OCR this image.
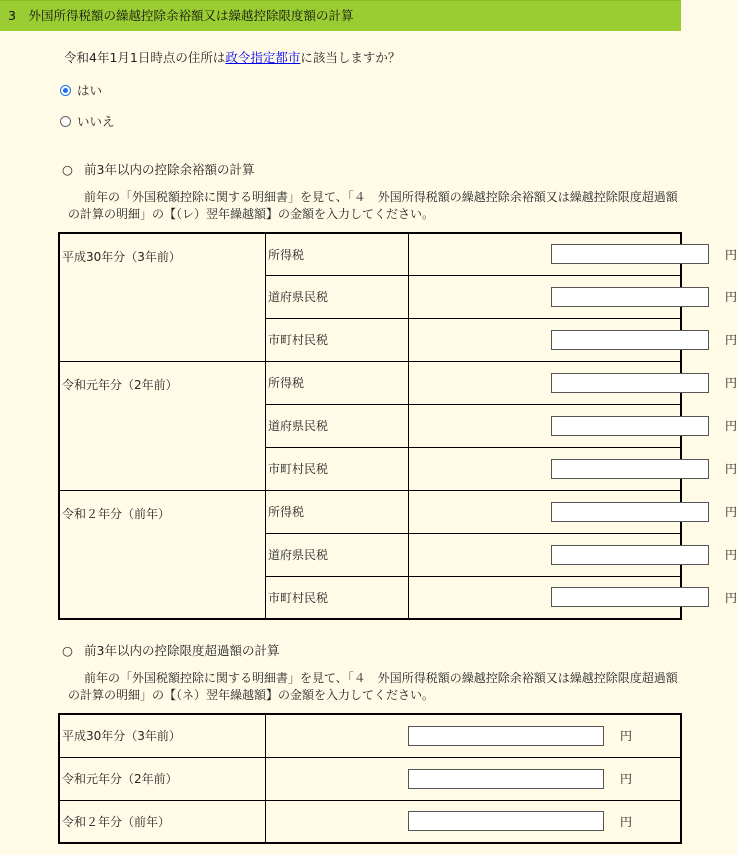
3　外国所得税額の繰越控除余裕額又は繰越控除限度額の計算
令和4年1月1日時点の住所は政令指定都市に該当しますか？
はい
いいえ
○ 前3年以内の控除余裕額の計算
前年の「外国税額控除に関する明細書」を見て、「４　外国所得税額の繰越控除余裕額又は繰越控除限度超過額の計算の明細」の【（レ）翌年繰越額】の金額を入力してください。
平成30年分（3年前）	所得税	円

	道府県民税	円

	市町村民税	円

令和元年分（2年前）	所得税	円

	道府県民税	円

	市町村民税	円

令和２年分（前年）	所得税	円

	道府県民税	円

	市町村民税	円
○ 前3年以内の控除限度超過額の計算
前年の「外国税額控除に関する明細書」を見て、「４　外国所得税額の繰越控除余裕額又は繰越控除限度超過額の計算の明細」の【（ネ）翌年繰越額】の金額を入力してください。
平成30年分（3年前）	円

令和元年分（2年前）	円

令和２年分（前年）	円
